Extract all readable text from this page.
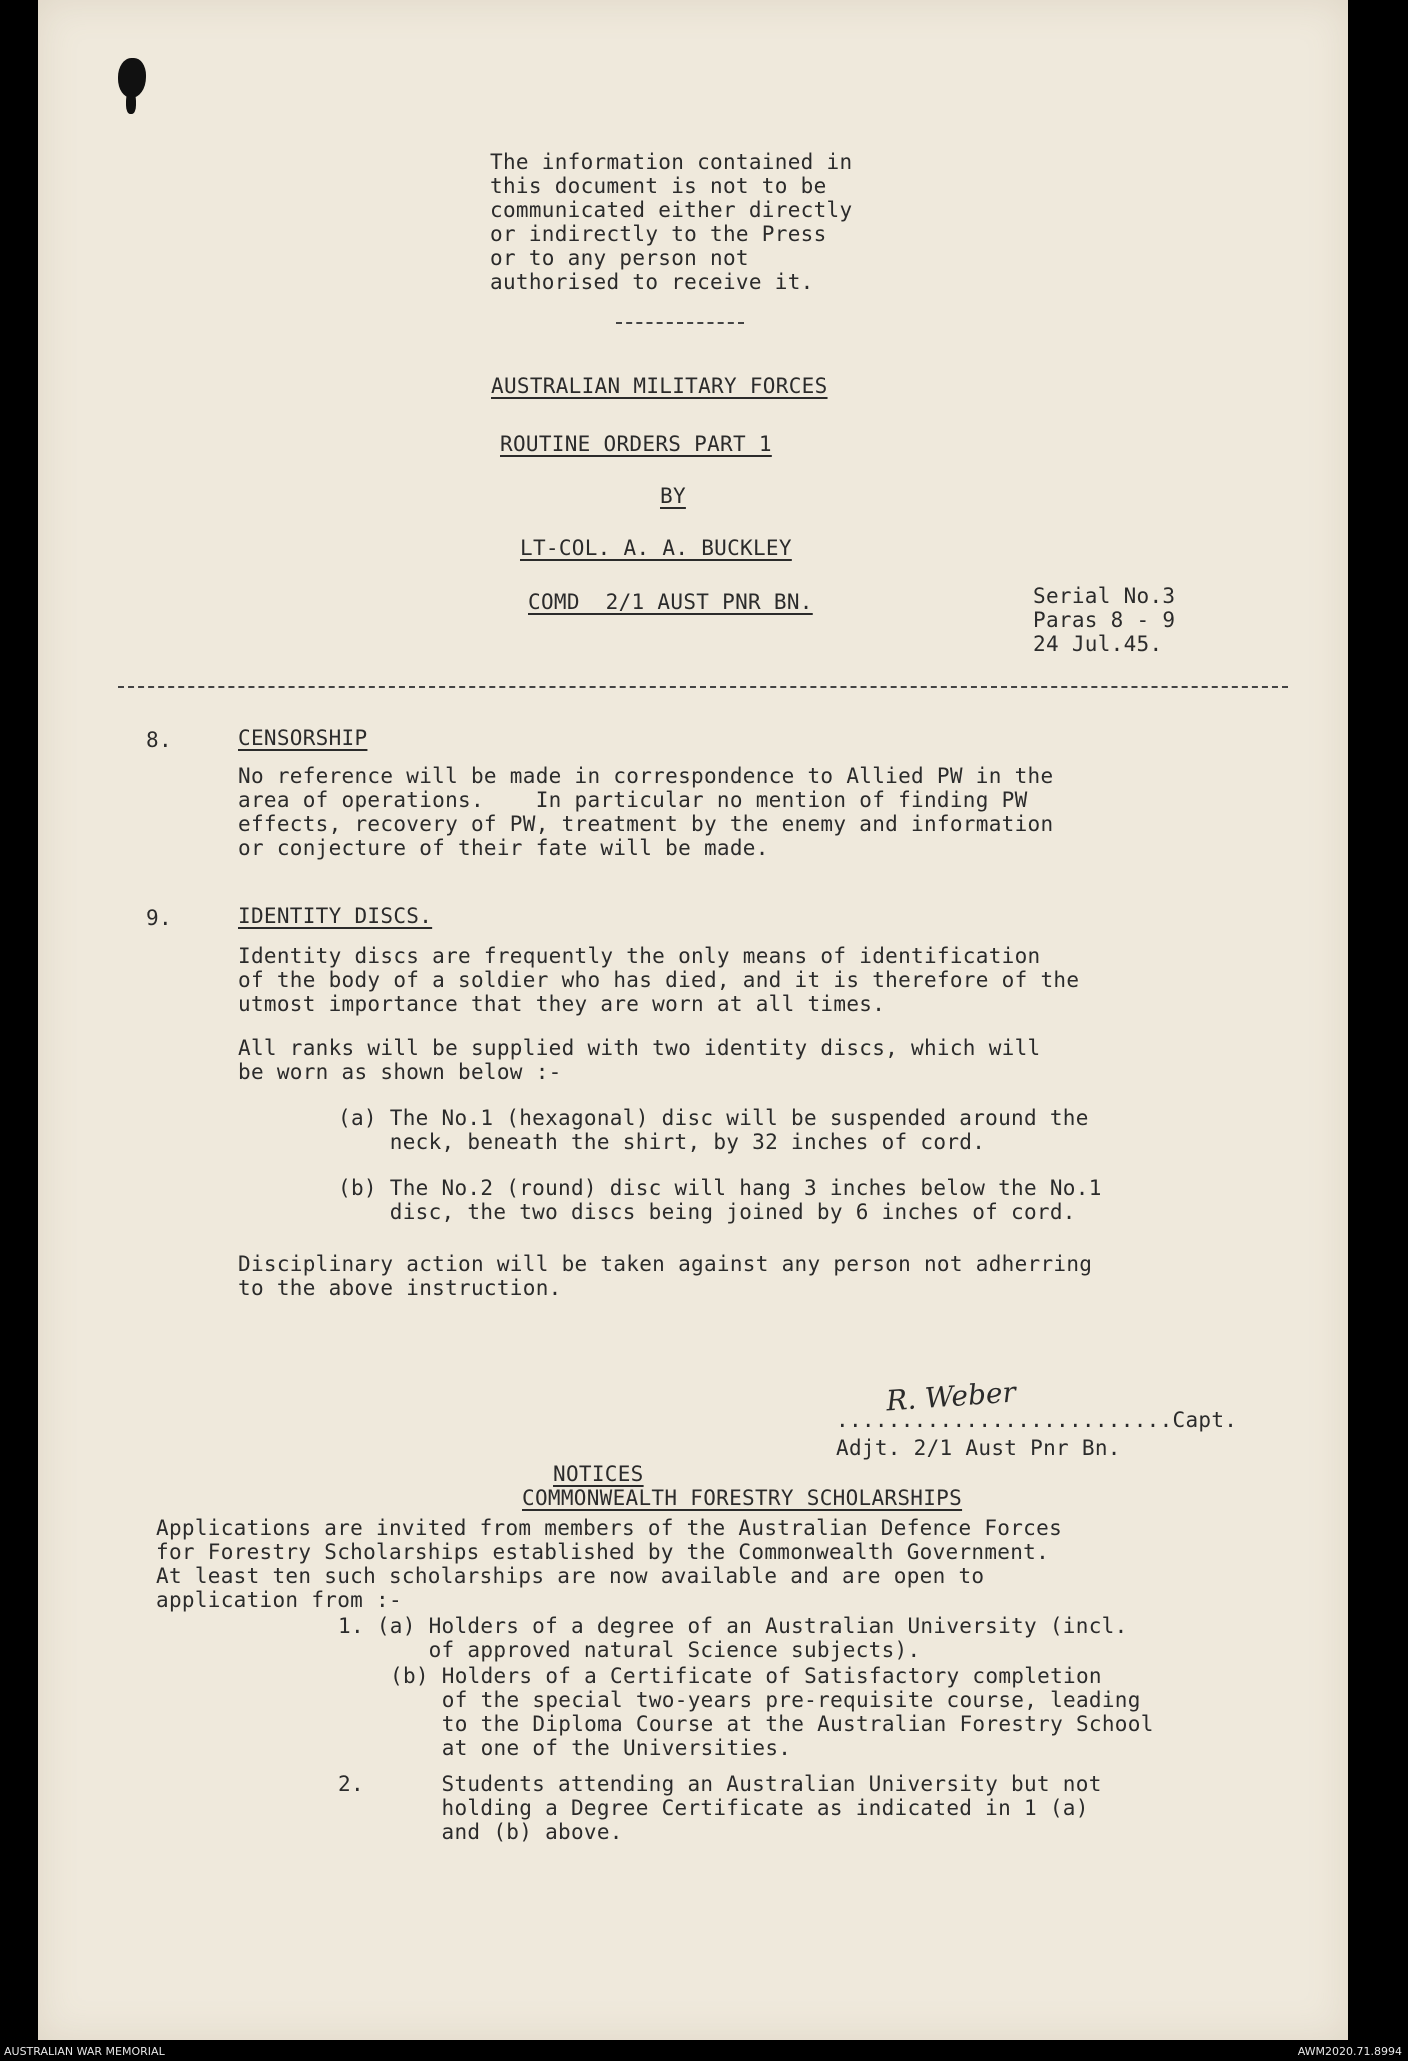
The information contained in
this document is not to be
communicated either directly
or indirectly to the Press
or to any person not
authorised to receive it.
AUSTRALIAN MILITARY FORCES
ROUTINE ORDERS PART 1
BY
LT-COL. A. A. BUCKLEY
COMD  2/1 AUST PNR BN.	Serial No.3
Paras 8 - 9
24 Jul.45.
8.	CENSORSHIP
No reference will be made in correspondence to Allied PW in the
area of operations.    In particular no mention of finding PW
effects, recovery of PW, treatment by the enemy and information
or conjecture of their fate will be made.
9.	IDENTITY DISCS.
Identity discs are frequently the only means of identification
of the body of a soldier who has died, and it is therefore of the
utmost importance that they are worn at all times.
All ranks will be supplied with two identity discs, which will
be worn as shown below :-
(a) The No.1 (hexagonal) disc will be suspended around the
neck, beneath the shirt, by 32 inches of cord.
(b) The No.2 (round) disc will hang 3 inches below the No.1
disc, the two discs being joined by 6 inches of cord.
Disciplinary action will be taken against any person not adherring
to the above instruction.
R. Weber
..........................Capt.
Adjt. 2/1 Aust Pnr Bn.
NOTICES
COMMONWEALTH FORESTRY SCHOLARSHIPS
Applications are invited from members of the Australian Defence Forces
for Forestry Scholarships established by the Commonwealth Government.
At least ten such scholarships are now available and are open to
application from :-
1. (a) Holders of a degree of an Australian University (incl.
of approved natural Science subjects).
(b) Holders of a Certificate of Satisfactory completion
of the special two-years pre-requisite course, leading
to the Diploma Course at the Australian Forestry School
at one of the Universities.
2.      Students attending an Australian University but not
holding a Degree Certificate as indicated in 1 (a)
and (b) above.
AUSTRALIAN WAR MEMORIAL	AWM2020.71.8994
